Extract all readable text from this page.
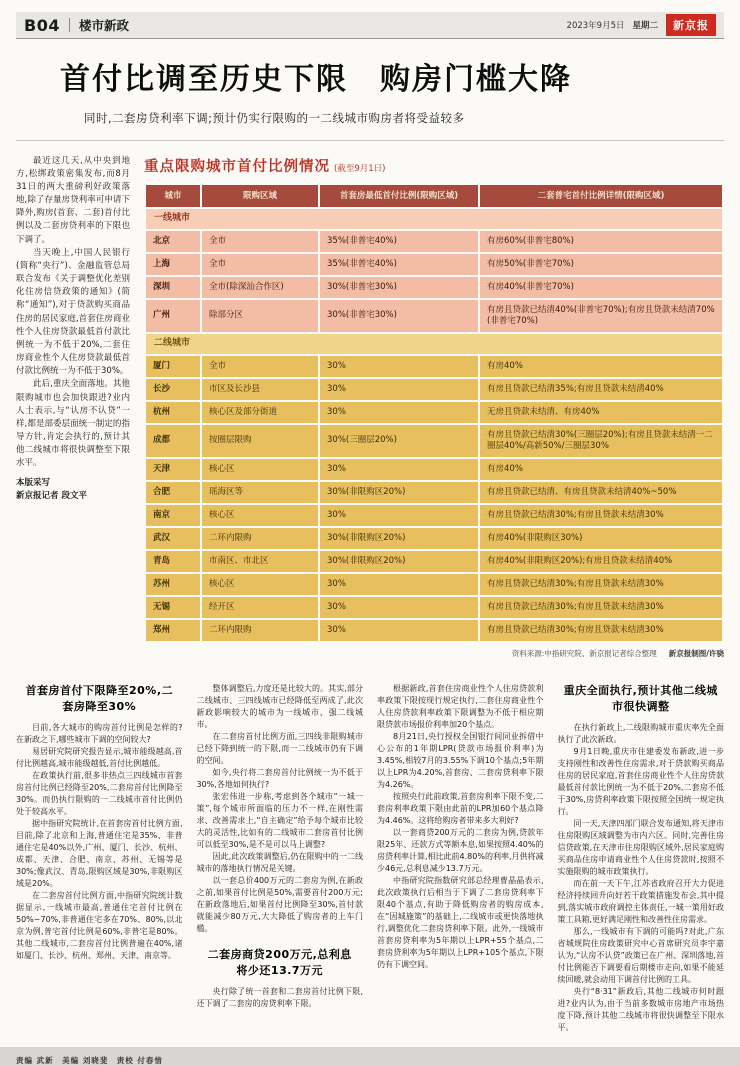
B04 楼市新政	2023年9月5日 星期二	新京报
首付比调至历史下限　购房门槛大降
同时,二套房贷利率下调;预计仍实行限购的一二线城市购房者将受益较多

最近这几天,从中央到地方,松绑政策密集发布,而8月31日的两大重磅利好政策落地,除了存量房贷利率可申请下降外,购房(首套、二套)首付比例以及二套房贷利率的下限也下调了。

当天晚上,中国人民银行(简称“央行”)、金融监管总局联合发布《关于调整优化差别化住房信贷政策的通知》(简称“通知”),对于贷款购买商品住房的居民家庭,首套住房商业性个人住房贷款最低首付款比例统一为不低于20%,二套住房商业性个人住房贷款最低首付款比例统一为不低于30%。

此后,重庆全面落地。其他限购城市也会加快跟进?业内人士表示,与“认房不认贷”一样,都是部委层面统一制定的指导方针,肯定会执行的,预计其他二线城市将很快调整至下限水平。

本版采写
新京报记者 段文平
重点限购城市首付比例情况 (截至9月1日)
城市	限购区域	首套房最低首付比例(限购区域)	二套普宅首付比例详情(限购区域)
一线城市			
北京	全市	35%(非普宅40%)	有房60%(非普宅80%)
上海	全市	35%(非普宅40%)	有房50%(非普宅70%)
深圳	全市(除深汕合作区)	30%(非普宅30%)	有房40%(非普宅70%)
广州	除部分区	30%(非普宅30%)	有房且贷款已结清40%(非普宅70%);有房且贷款未结清70%(非普宅70%)
二线城市			
厦门	全市	30%	有房40%
长沙	市区及长沙县	30%	有房且贷款已结清35%;有房且贷款未结清40%
杭州	核心区及部分街道	30%	无房且贷款未结清、有房40%
成都	按圈层限购	30%(三圈层20%)	有房且贷款已结清30%(三圈层20%);有房且贷款未结清一二圈层40%/高新50%/三圈层30%
天津	核心区	30%	有房40%
合肥	瑶海区等	30%(非限购区20%)	有房且贷款已结清、有房且贷款未结清40%~50%
南京	核心区	30%	有房且贷款已结清30%;有房且贷款未结清30%
武汉	二环内限购	30%(非限购区20%)	有房40%(非限购区30%)
青岛	市南区、市北区	30%(非限购区20%)	有房40%(非限购区20%);有房且贷款未结清40%
苏州	核心区	30%	有房且贷款已结清30%;有房且贷款未结清30%
无锡	经开区	30%	有房且贷款已结清30%;有房且贷款未结清30%
郑州	二环内限购	30%	有房且贷款已结清30%;有房且贷款未结清30%
资料来源:中指研究院、新京报记者综合整理 新京报制图/许骁
首套房首付下限降至20%,二套房降至30%

目前,各大城市的购房首付比例是怎样的?在新政之下,哪些城市下调的空间较大?

易居研究院研究报告显示,城市能级越高,首付比例越高,城市能级越低,首付比例越低。

在政策执行前,很多非热点三四线城市首套房首付比例已经降至20%,二套房首付比例降至30%。而仍执行限购的一二线城市首付比例仍处于较高水平。

据中指研究院统计,在首套房首付比例方面,目前,除了北京和上海,普通住宅是35%、非普通住宅是40%以外,广州、厦门、长沙、杭州、成都、天津、合肥、南京、苏州、无锡等是30%;像武汉、青岛,限购区域是30%,非限购区域是20%。

在二套房首付比例方面,中指研究院统计数据显示,一线城市最高,普通住宅首付比例在50%~70%,非普通住宅多在70%、80%,以北京为例,普宅首付比例是60%,非普宅是80%。其他二线城市,二套房首付比例普遍在40%,诸如厦门、长沙、杭州、郑州、天津、南京等。

整体调整后,力度还是比较大的。其实,部分二线城市、三四线城市已经降低至两成了,此次新政影响较大的城市为一线城市、强二线城市。

在二套房首付比例方面,三四线非限购城市已经下降到统一的下限,而一二线城市仍有下调的空间。

如今,央行将二套房首付比例统一为不低于30%,各地如何执行?

张宏伟进一步称,考虑到各个城市“一城一策”,每个城市所面临的压力不一样,在刚性需求、改善需求上,“自主确定”给予每个城市比较大的灵活性,比如有的二线城市二套房首付比例可以低至30%,是不是可以马上调整?

因此,此次政策调整后,仍在限购中的一二线城市的落地执行情况是关键。

以一套总价400万元的二套房为例,在新政之前,如果首付比例是50%,需要首付200万元;在新政落地后,如果首付比例降至30%,首付款就能减少80万元,大大降低了购房者的上车门槛。

二套房商贷200万元,总利息将少还13.7万元

央行除了统一首套和二套房首付比例下限,还下调了二套房的房贷利率下限。

根据新政,首套住房商业性个人住房贷款利率政策下限按现行规定执行,二套住房商业性个人住房贷款利率政策下限调整为不低于相应期限贷款市场报价利率加20个基点。

8月21日,央行授权全国银行间同业拆借中心公布的1年期LPR(贷款市场报价利率)为3.45%,相较7月的3.55%下调10个基点;5年期以上LPR为4.20%,首套房、二套房贷利率下限为4.26%。

按照央行此前政策,首套房利率下限不变,二套房利率政策下限由此前的LPR加60个基点降为4.46%。这将给购房者带来多大利好?

以一套商贷200万元的二套房为例,贷款年限25年、还款方式等额本息,如果按照4.40%的房贷利率计算,相比此前4.80%的利率,月供将减少46元,总利息减少13.7万元。

中指研究院指数研究部总经理曹晶晶表示,此次政策执行后相当于下调了二套房贷利率下限40个基点,有助于降低购房者的购房成本,在“因城施策”的基础上,二线城市或更快落地执行,调整优化二套房贷利率下限。此外,一线城市首套房贷利率为5年期以上LPR+55个基点,二套房贷利率为5年期以上LPR+105个基点,下限仍有下调空间。

重庆全面执行,预计其他二线城市很快调整

在执行新政上,二线限购城市重庆率先全面执行了此次新政。

9月1日晚,重庆市住建委发布新政,进一步支持刚性和改善性住房需求,对于贷款购买商品住房的居民家庭,首套住房商业性个人住房贷款最低首付款比例统一为不低于20%,二套房不低于30%,房贷利率政策下限按照全国统一规定执行。

同一天,天津四部门联合发布通知,将天津市住房限购区域调整为市内六区。同时,完善住房信贷政策,在天津市住房限购区域外,居民家庭购买商品住房申请商业性个人住房贷款时,按照不实施限购的城市政策执行。

而在前一天下午,江苏省政府召开大力促进经济持续回升向好若干政策措施发布会,其中提到,落实城市政府调控主体责任,一城一策用好政策工具箱,更好满足刚性和改善性住房需求。

那么,一线城市有下调的可能吗?对此,广东省城规院住房政策研究中心首席研究员李宇嘉认为,“认房不认贷”政策已在广州、深圳落地,首付比例能否下调要看后期楼市走向,如果不能延续回暖,就会动用下调首付比例的工具。

央行“8·31”新政后,其他二线城市何时跟进?业内认为,由于当前多数城市房地产市场热度下降,预计其他二线城市将很快调整至下限水平。

责编 武新　美编 刘晓斐　责校 付春愔
